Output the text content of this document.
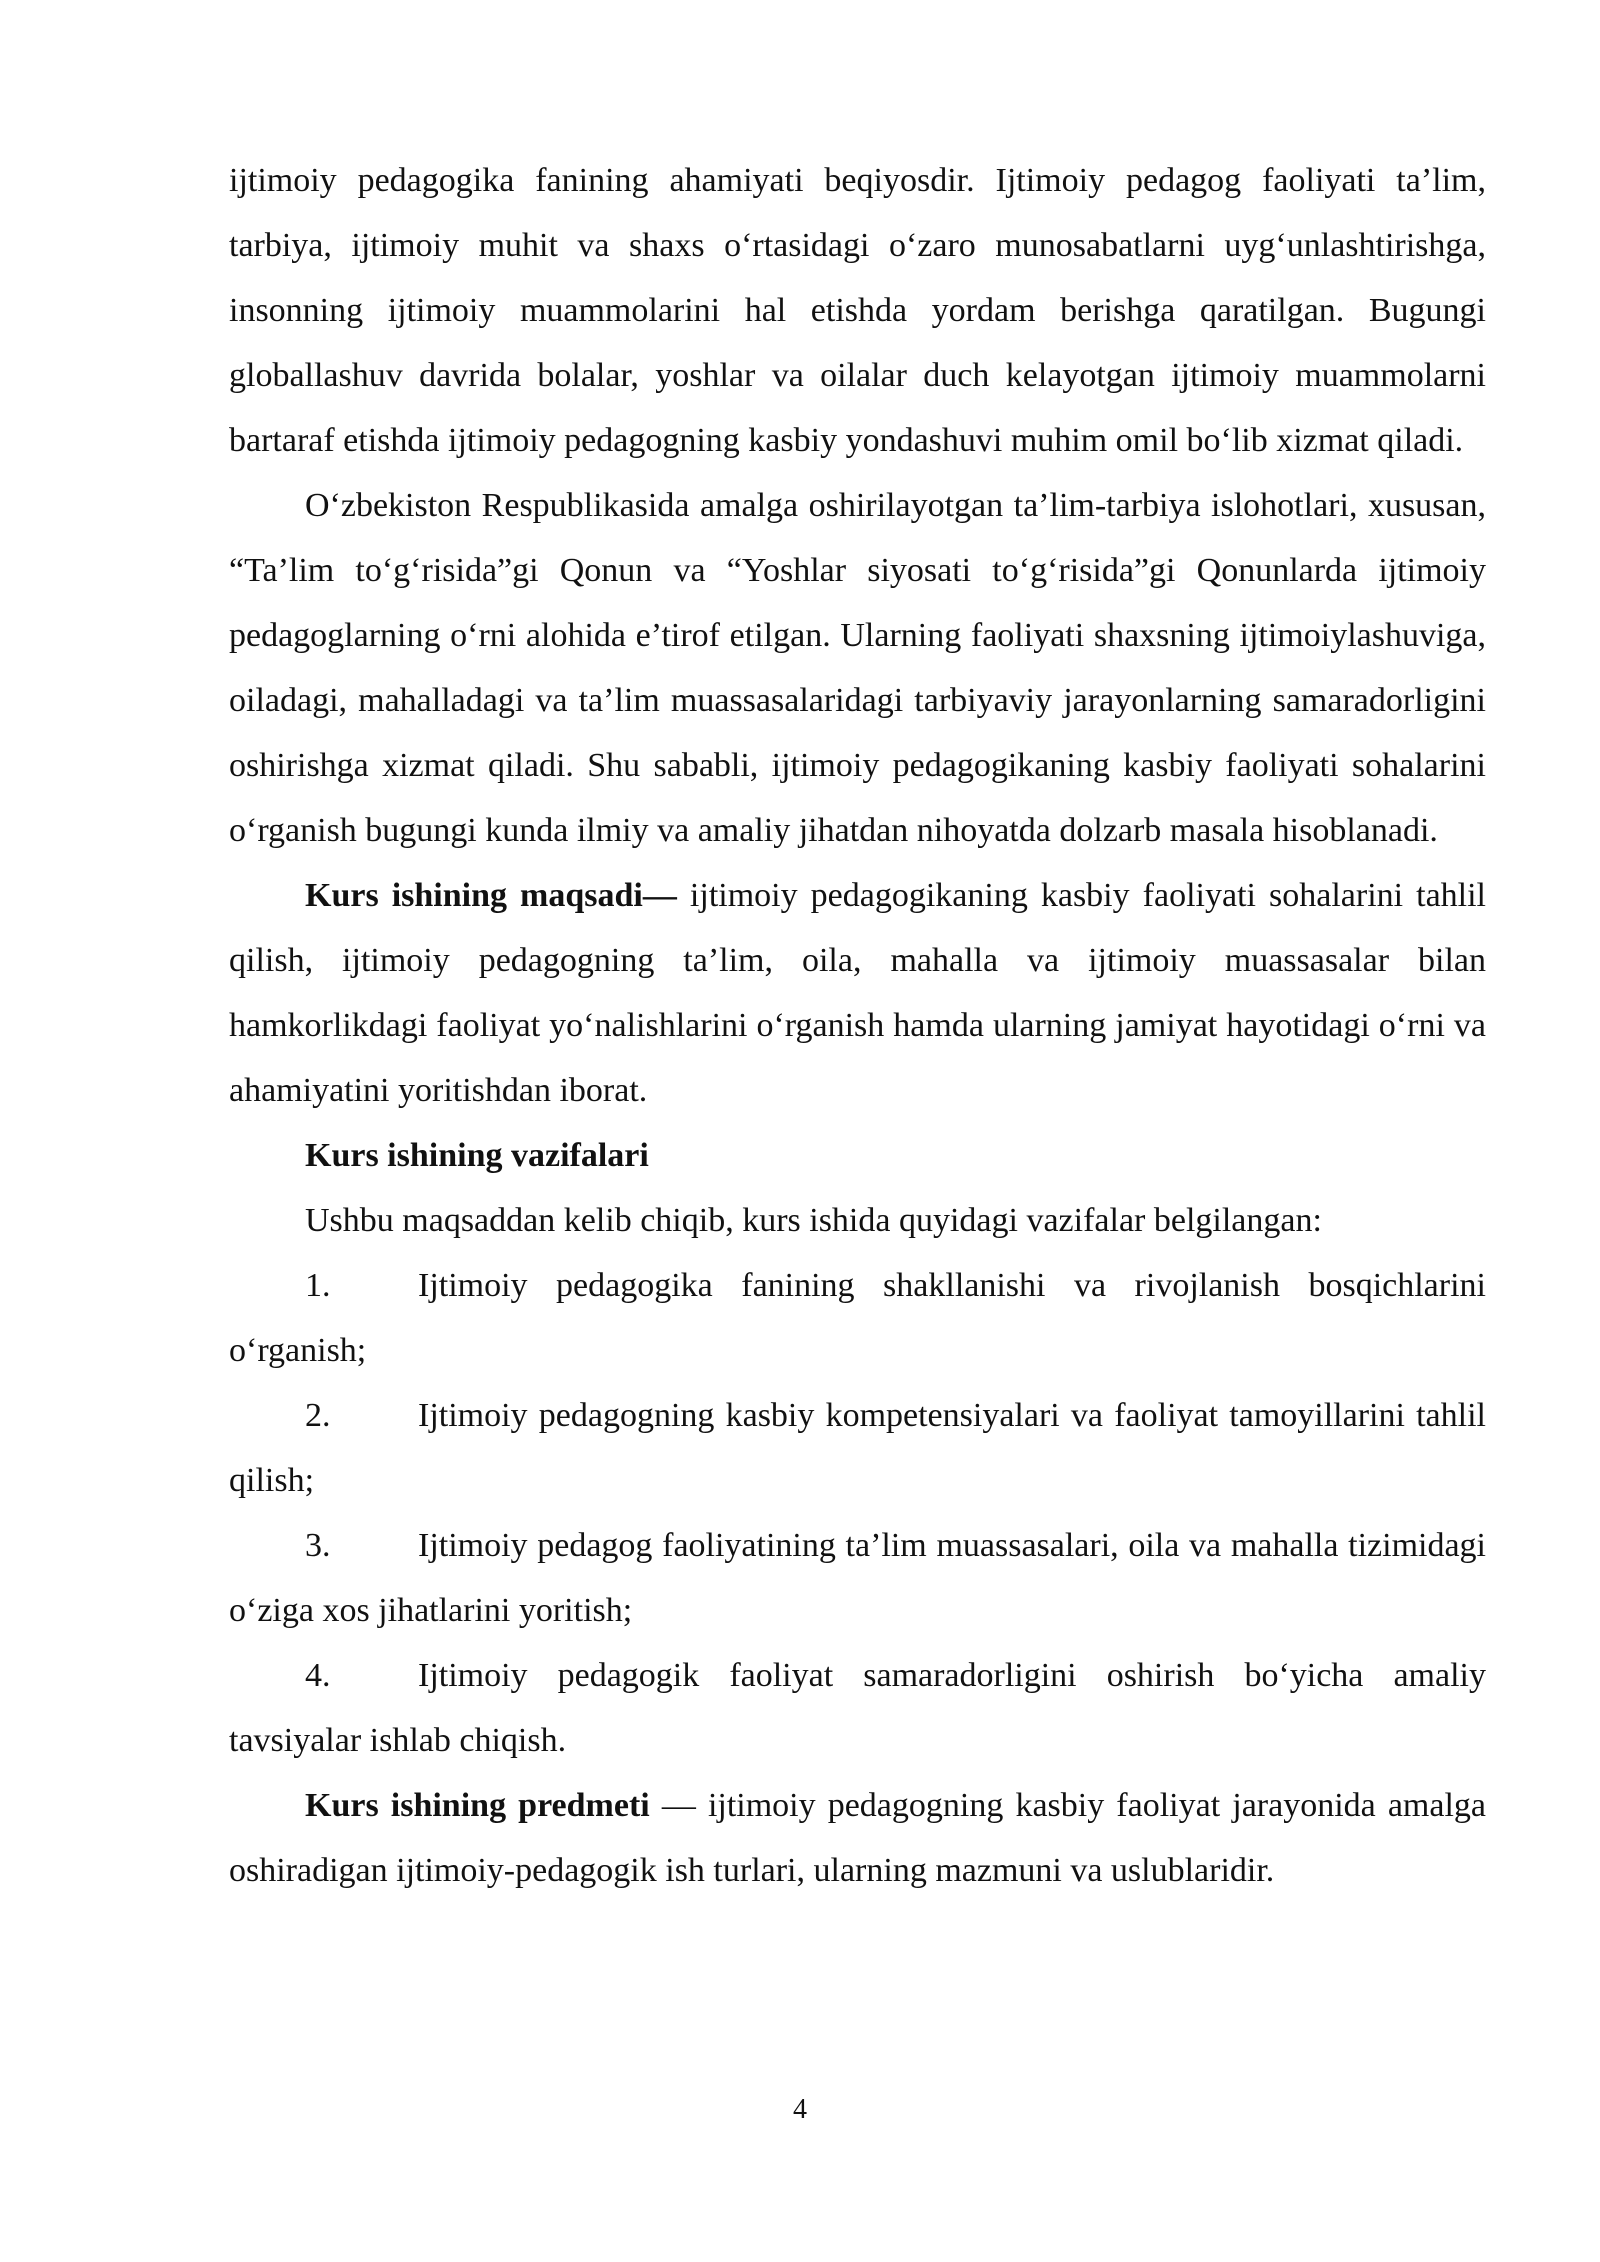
ijtimoiy pedagogika fanining ahamiyati beqiyosdir. Ijtimoiy pedagog faoliyati ta’lim, tarbiya, ijtimoiy muhit va shaxs o‘rtasidagi o‘zaro munosabatlarni uyg‘unlashtirishga, insonning ijtimoiy muammolarini hal etishda yordam berishga qaratilgan. Bugungi globallashuv davrida bolalar, yoshlar va oilalar duch kelayotgan ijtimoiy muammolarni bartaraf etishda ijtimoiy pedagogning kasbiy yondashuvi muhim omil bo‘lib xizmat qiladi.

O‘zbekiston Respublikasida amalga oshirilayotgan ta’lim-tarbiya islohotlari, xususan, “Ta’lim to‘g‘risida”gi Qonun va “Yoshlar siyosati to‘g‘risida”gi Qonunlarda ijtimoiy pedagoglarning o‘rni alohida e’tirof etilgan. Ularning faoliyati shaxsning ijtimoiylashuviga, oiladagi, mahalladagi va ta’lim muassasalaridagi tarbiyaviy jarayonlarning samaradorligini oshirishga xizmat qiladi. Shu sababli, ijtimoiy pedagogikaning kasbiy faoliyati sohalarini o‘rganish bugungi kunda ilmiy va amaliy jihatdan nihoyatda dolzarb masala hisoblanadi.

Kurs ishining maqsadi— ijtimoiy pedagogikaning kasbiy faoliyati sohalarini tahlil qilish, ijtimoiy pedagogning ta’lim, oila, mahalla va ijtimoiy muassasalar bilan hamkorlikdagi faoliyat yo‘nalishlarini o‘rganish hamda ularning jamiyat hayotidagi o‘rni va ahamiyatini yoritishdan iborat.

Kurs ishining vazifalari

Ushbu maqsaddan kelib chiqib, kurs ishida quyidagi vazifalar belgilangan:

1.	Ijtimoiy pedagogika fanining shakllanishi va rivojlanish bosqichlarini o‘rganish;

2.	Ijtimoiy pedagogning kasbiy kompetensiyalari va faoliyat tamoyillarini tahlil qilish;

3.	Ijtimoiy pedagog faoliyatining ta’lim muassasalari, oila va mahalla tizimidagi o‘ziga xos jihatlarini yoritish;

4.	Ijtimoiy pedagogik faoliyat samaradorligini oshirish bo‘yicha amaliy tavsiyalar ishlab chiqish.

Kurs ishining predmeti — ijtimoiy pedagogning kasbiy faoliyat jarayonida amalga oshiradigan ijtimoiy-pedagogik ish turlari, ularning mazmuni va uslublaridir.

4
